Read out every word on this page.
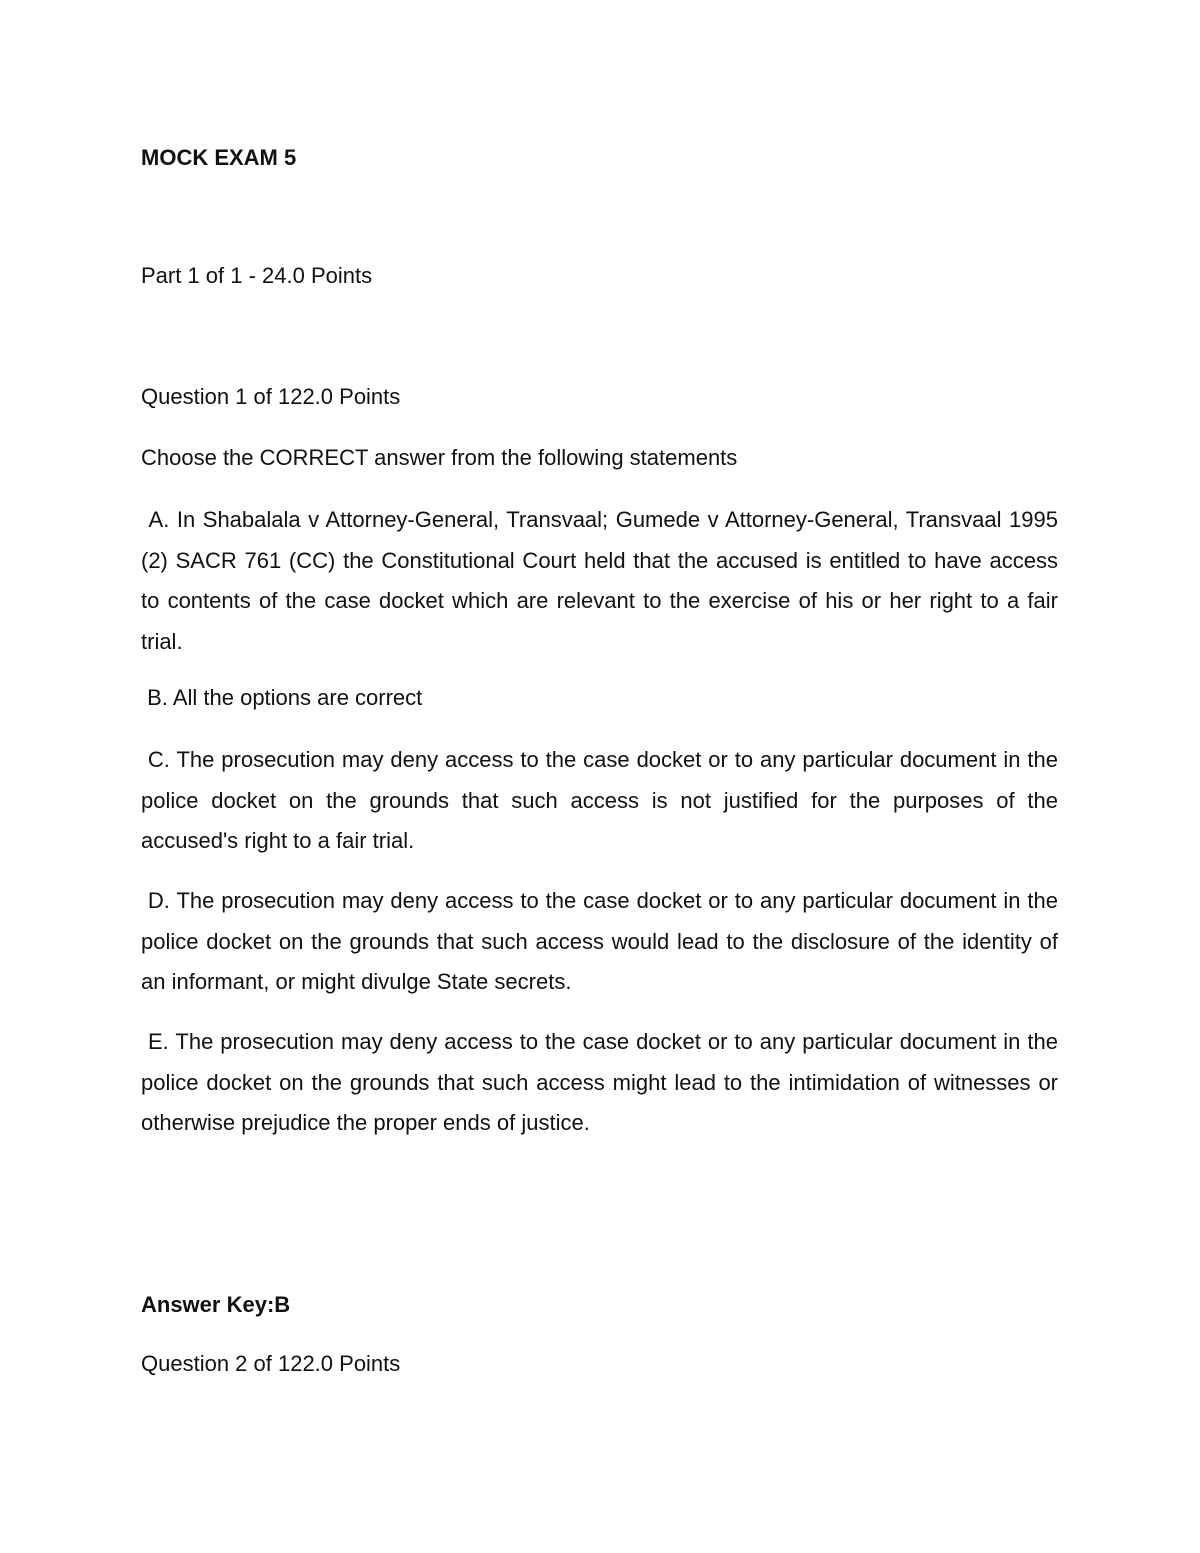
MOCK EXAM 5

Part 1 of 1 - 24.0 Points

Question 1 of 122.0 Points

Choose the CORRECT answer from the following statements

A. In Shabalala v Attorney-General, Transvaal; Gumede v Attorney-General, Transvaal 1995 (2) SACR 761 (CC) the Constitutional Court held that the accused is entitled to have access to contents of the case docket which are relevant to the exercise of his or her right to a fair trial.

B. All the options are correct

C. The prosecution may deny access to the case docket or to any particular document in the police docket on the grounds that such access is not justified for the purposes of the accused's right to a fair trial.

D. The prosecution may deny access to the case docket or to any particular document in the police docket on the grounds that such access would lead to the disclosure of the identity of an informant, or might divulge State secrets.

E. The prosecution may deny access to the case docket or to any particular document in the police docket on the grounds that such access might lead to the intimidation of witnesses or otherwise prejudice the proper ends of justice.

Answer Key:B

Question 2 of 122.0 Points
